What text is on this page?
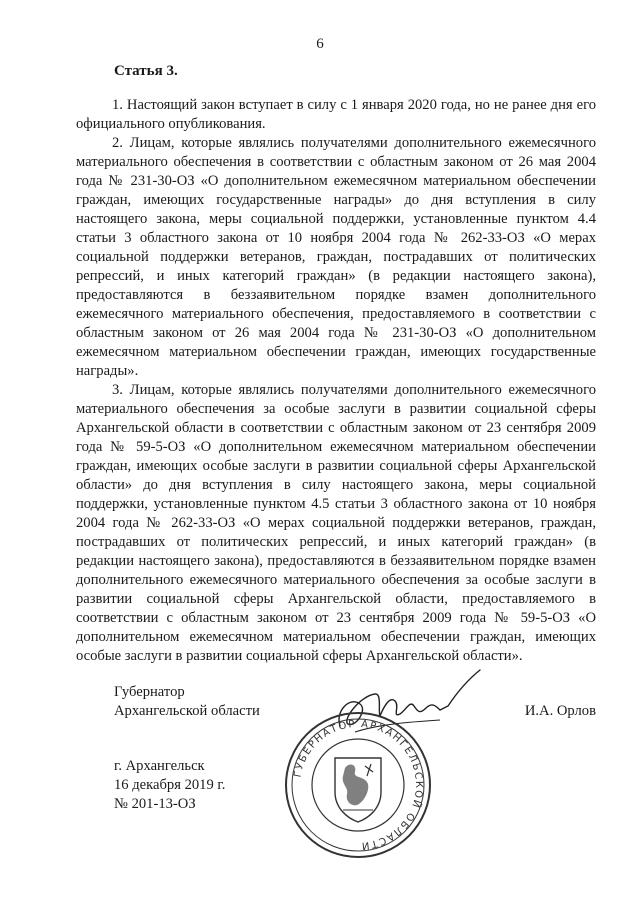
6
Статья 3.

1. Настоящий закон вступает в силу с 1 января 2020 года, но не ранее дня его официального опубликования.

2. Лицам, которые являлись получателями дополнительного ежемесячного материального обеспечения в соответствии с областным законом от 26 мая 2004 года № 231-30-ОЗ «О дополнительном ежемесячном материальном обеспечении граждан, имеющих государственные награды» до дня вступления в силу настоящего закона, меры социальной поддержки, установленные пунктом 4.4 статьи 3 областного закона от 10 ноября 2004 года № 262-33-ОЗ «О мерах социальной поддержки ветеранов, граждан, пострадавших от политических репрессий, и иных категорий граждан» (в редакции настоящего закона), предоставляются в беззаявительном порядке взамен дополнительного ежемесячного материального обеспечения, предоставляемого в соответствии с областным законом от 26 мая 2004 года № 231-30-ОЗ «О дополнительном ежемесячном материальном обеспечении граждан, имеющих государственные награды».

3. Лицам, которые являлись получателями дополнительного ежемесячного материального обеспечения за особые заслуги в развитии социальной сферы Архангельской области в соответствии с областным законом от 23 сентября 2009 года № 59-5-ОЗ «О дополнительном ежемесячном материальном обеспечении граждан, имеющих особые заслуги в развитии социальной сферы Архангельской области» до дня вступления в силу настоящего закона, меры социальной поддержки, установленные пунктом 4.5 статьи 3 областного закона от 10 ноября 2004 года № 262-33-ОЗ «О мерах социальной поддержки ветеранов, граждан, пострадавших от политических репрессий, и иных категорий граждан» (в редакции настоящего закона), предоставляются в беззаявительном порядке взамен дополнительного ежемесячного материального обеспечения за особые заслуги в развитии социальной сферы Архангельской области, предоставляемого в соответствии с областным законом от 23 сентября 2009 года № 59-5-ОЗ «О дополнительном ежемесячном материальном обеспечении граждан, имеющих особые заслуги в развитии социальной сферы Архангельской области».

Губернатор
Архангельской области	И.А. Орлов
ГУБЕРНАТОР АРХАНГЕЛЬСКОЙ ОБЛАСТИ
г. Архангельск
16 декабря 2019 г.
№ 201-13-ОЗ
